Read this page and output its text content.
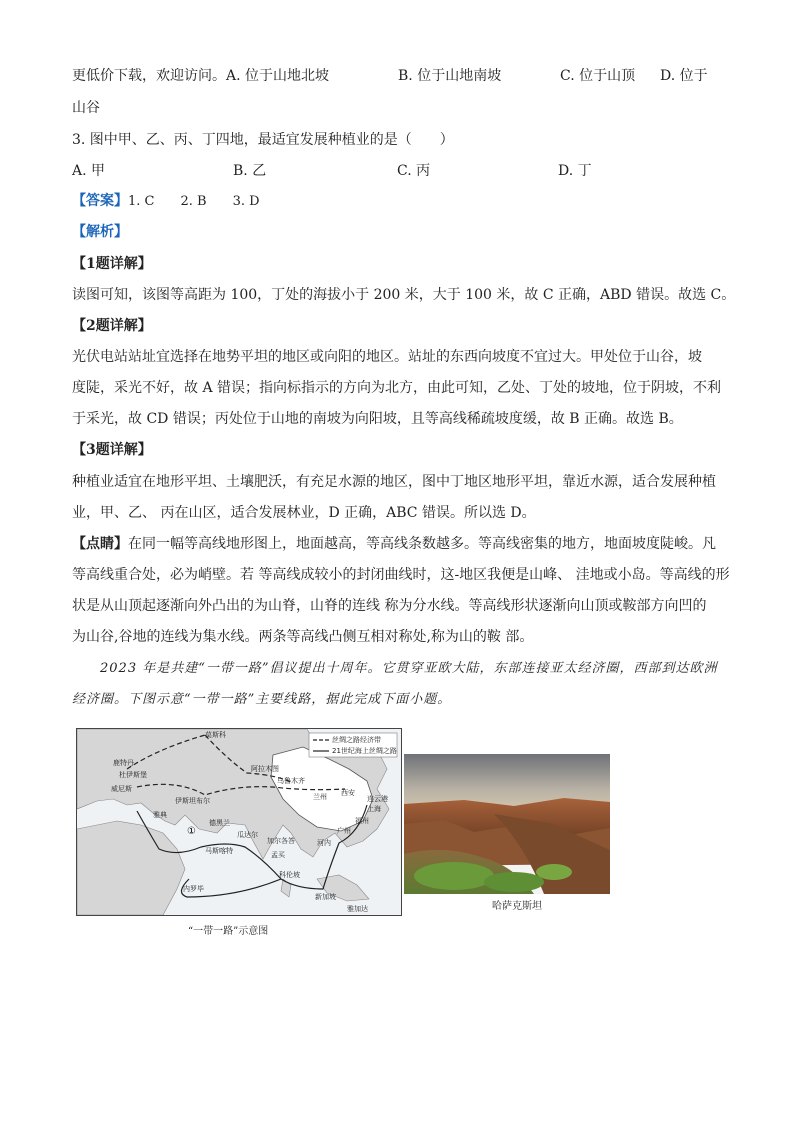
更低价下载，欢迎访问。A. 位于山地北坡	B. 位于山地南坡	C. 位于山顶 D. 位于
山谷
3. 图中甲、乙、丙、丁四地，最适宜发展种植业的是（　　）
A. 甲	B. 乙	C. 丙	D. 丁
【答案】1. C　　2. B　　3. D
【解析】
【1题详解】
读图可知，该图等高距为 100，丁处的海拔小于 200 米，大于 100 米，故 C 正确，ABD 错误。故选 C。
【2题详解】
光伏电站站址宜选择在地势平坦的地区或向阳的地区。站址的东西向坡度不宜过大。甲处位于山谷，坡
度陡，采光不好，故 A 错误；指向标指示的方向为北方，由此可知，乙处、丁处的坡地，位于阴坡，不利
于采光，故 CD 错误；丙处位于山地的南坡为向阳坡，且等高线稀疏坡度缓，故 B 正确。故选 B。
【3题详解】
种植业适宜在地形平坦、土壤肥沃，有充足水源的地区，图中丁地区地形平坦，靠近水源，适合发展种植
业，甲、乙、 丙在山区，适合发展林业，D 正确，ABC 错误。所以选 D。
【点睛】在同一幅等高线地形图上，地面越高，等高线条数越多。等高线密集的地方，地面坡度陡峻。凡
等高线重合处，必为峭壁。若 等高线成较小的封闭曲线时，这-地区我便是山峰、 洼地或小岛。等高线的形
状是从山顶起逐渐向外凸出的为山脊，山脊的连线 称为分水线。等高线形状逐渐向山顶或鞍部方向凹的
为山谷,谷地的连线为集水线。两条等高线凸侧互相对称处,称为山的鞍 部。
2023 年是共建“一带一路”倡议提出十周年。它贯穿亚欧大陆，东部连接亚太经济圈，西部到达欧洲
经济圈。下图示意“一带一路”主要线路，据此完成下面小题。
丝绸之路经济带
21世纪海上丝绸之路
①
莫斯科
鹿特丹
杜伊斯堡
威尼斯
伊斯坦布尔
雅典
德黑兰
阿拉木图
乌鲁木齐
兰州 西安
连云港
上海
福州
广州
河内
瓜达尔
加尔各答
马斯喀特	孟买
科伦坡
新加坡
雅加达
内罗毕
“一带一路”示意图
哈萨克斯坦
